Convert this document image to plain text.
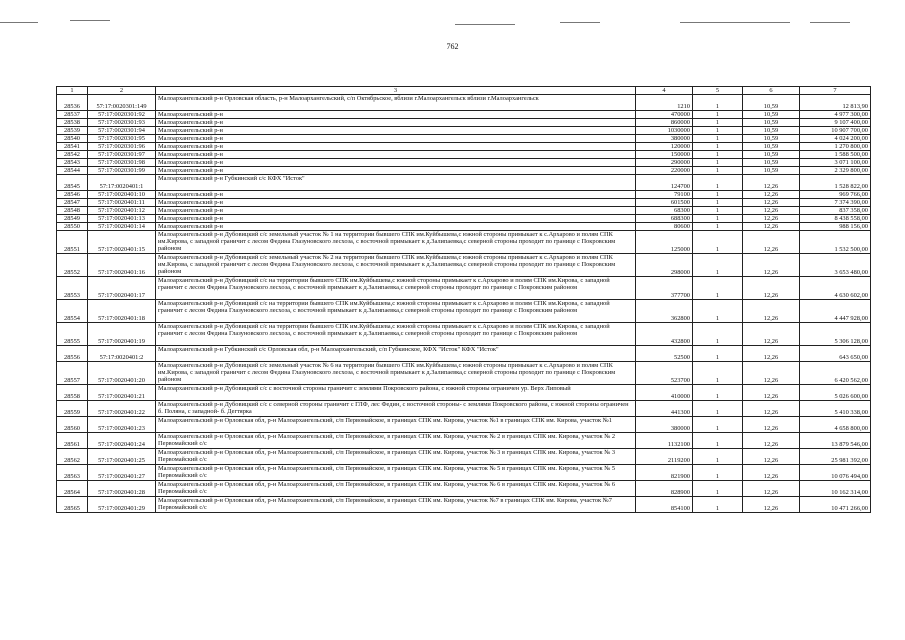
762
1	2	3	4	5	6	7
28536	57:17:0020301:149	Малоархангельский р-н Орловская область, р-н Малоархангельский, с/п Октябрьское, вблизи г.Малоархангельск вблизи г.Малоархангельск	1210	1	10,59	12 813,90
28537	57:17:0020301:92	Малоархангельский р-н	470000	1	10,59	4 977 300,00
28538	57:17:0020301:93	Малоархангельский р-н	860000	1	10,59	9 107 400,00
28539	57:17:0020301:94	Малоархангельский р-н	1030000	1	10,59	10 907 700,00
28540	57:17:0020301:95	Малоархангельский р-н	380000	1	10,59	4 024 200,00
28541	57:17:0020301:96	Малоархангельский р-н	120000	1	10,59	1 270 800,00
28542	57:17:0020301:97	Малоархангельский р-н	150000	1	10,59	1 588 500,00
28543	57:17:0020301:98	Малоархангельский р-н	290000	1	10,59	3 071 100,00
28544	57:17:0020301:99	Малоархангельский р-н	220000	1	10,59	2 329 800,00
28545	57:17:0020401:1	Малоархангельский р-н Губкинский с/с КФХ "Исток"	124700	1	12,26	1 528 822,00
28546	57:17:0020401:10	Малоархангельский р-н	79100	1	12,26	969 766,00
28547	57:17:0020401:11	Малоархангельский р-н	601500	1	12,26	7 374 390,00
28548	57:17:0020401:12	Малоархангельский р-н	68300	1	12,26	837 358,00
28549	57:17:0020401:13	Малоархангельский р-н	688300	1	12,26	8 438 558,00
28550	57:17:0020401:14	Малоархангельский р-н	80600	1	12,26	988 156,00
28551	57:17:0020401:15	Малоархангельский р-н Дубовицкий с/с земельный участок № 1 на территории бывшего СПК им.Куйбышева,с южной стороны примыкает к с.Архарово и полям СПК им.Кирова, с западной граничит с лесом Федина Глазуновского лесхоза, с восточной примыкает к д.Залипаевка,с северной стороны проходит по границе с Покровским районом	125000	1	12,26	1 532 500,00
28552	57:17:0020401:16	Малоархангельский р-н Дубовицкий с/с земельный участок № 2 на территории бывшего СПК им.Куйбышева,с южной стороны примыкает к с.Архарово и полям СПК им.Кирова, с западной граничит с лесом Федина Глазуновского лесхоза, с восточной примыкает к д.Залипаевка,с северной стороны проходит по границе с Покровским районом	298000	1	12,26	3 653 480,00
28553	57:17:0020401:17	Малоархангельский р-н Дубовицкий с/с на территории бывшего СПК им.Куйбышева,с южной стороны примыкает к с.Архарово и полям СПК им.Кирова, с западной граничит с лесом Федина Глазуновского лесхоза, с восточной примыкает к д.Залипаевка,с северной стороны проходит по границе с Покровским районом	377700	1	12,26	4 630 602,00
28554	57:17:0020401:18	Малоархангельский р-н Дубовицкий с/с на территории бывшего СПК им.Куйбышева,с южной стороны примыкает к с.Архарово и полям СПК им.Кирова, с западной граничит с лесом Федина Глазуновского лесхоза, с восточной примыкает к д.Залипаевка,с северной стороны проходит по границе с Покровским районом	362800	1	12,26	4 447 928,00
28555	57:17:0020401:19	Малоархангельский р-н Дубовицкий с/с на территории бывшего СПК им.Куйбышева,с южной стороны примыкает к с.Архарово и полям СПК им.Кирова, с западной граничит с лесом Федина Глазуновского лесхоза, с восточной примыкает к д.Залипаевка,с северной стороны проходит по границе с Покровским районом	432800	1	12,26	5 306 128,00
28556	57:17:0020401:2	Малоархангельский р-н Губкинский с/с Орловская обл, р-н Малоархангельский, с/п Губкинское, КФХ "Исток" КФХ "Исток"	52500	1	12,26	643 650,00
28557	57:17:0020401:20	Малоархангельский р-н Дубовицкий с/с земельный участок № 6 на территории бывшего СПК им.Куйбышева,с южной стороны примыкает к с.Архарово и полям СПК им.Кирова, с западной граничит с лесом Федина Глазуновского лесхоза, с восточной примыкает к д.Залипаевка,с северной стороны проходит по границе с Покровским районом	523700	1	12,26	6 420 562,00
28558	57:17:0020401:21	Малоархангельский р-н Дубовицкий с/с с восточной стороны граничит с землями Покровского района, с южной стороны ограничен ур. Верх Липовый	410000	1	12,26	5 026 600,00
28559	57:17:0020401:22	Малоархангельский р-н Дубовицкий с/с с северной стороны граничит с ГЛФ, лес Федин, с восточной стороны- с землями Покровского района, с южной стороны ограничен б. Поляна, с западной- б. Дегтярка	441300	1	12,26	5 410 338,00
28560	57:17:0020401:23	Малоархангельский р-н Орловская обл, р-н Малоархангельский, с/п Первомайское, в границах СПК им. Кирова, участок №1 в границах СПК им. Кирова, участок №1	380000	1	12,26	4 658 800,00
28561	57:17:0020401:24	Малоархангельский р-н Орловская обл, р-н Малоархангельский, с/п Первомайское, в границах СПК им. Кирова, участок № 2 в границах СПК им. Кирова, участок № 2 Первомайский с/с	1132100	1	12,26	13 879 546,00
28562	57:17:0020401:25	Малоархангельский р-н Орловская обл, р-н Малоархангельский, с/п Первомайское, в границах СПК им. Кирова, участок № 3 в границах СПК им. Кирова, участок № 3 Первомайский с/с	2119200	1	12,26	25 981 392,00
28563	57:17:0020401:27	Малоархангельский р-н Орловская обл, р-н Малоархангельский, с/п Первомайское, в границах СПК им. Кирова, участок № 5 в границах СПК им. Кирова, участок № 5 Первомайский с/с	821900	1	12,26	10 076 494,00
28564	57:17:0020401:28	Малоархангельский р-н Орловская обл, р-н Малоархангельский, с/п Первомайское, в границах СПК им. Кирова, участок № 6 в границах СПК им. Кирова, участок № 6 Первомайский с/с	828900	1	12,26	10 162 314,00
28565	57:17:0020401:29	Малоархангельский р-н Орловская обл, р-н Малоархангельский, с/п Первомайское, в границах СПК им. Кирова, участок №7 в границах СПК им. Кирова, участок №7 Первомайский с/с	854100	1	12,26	10 471 266,00
